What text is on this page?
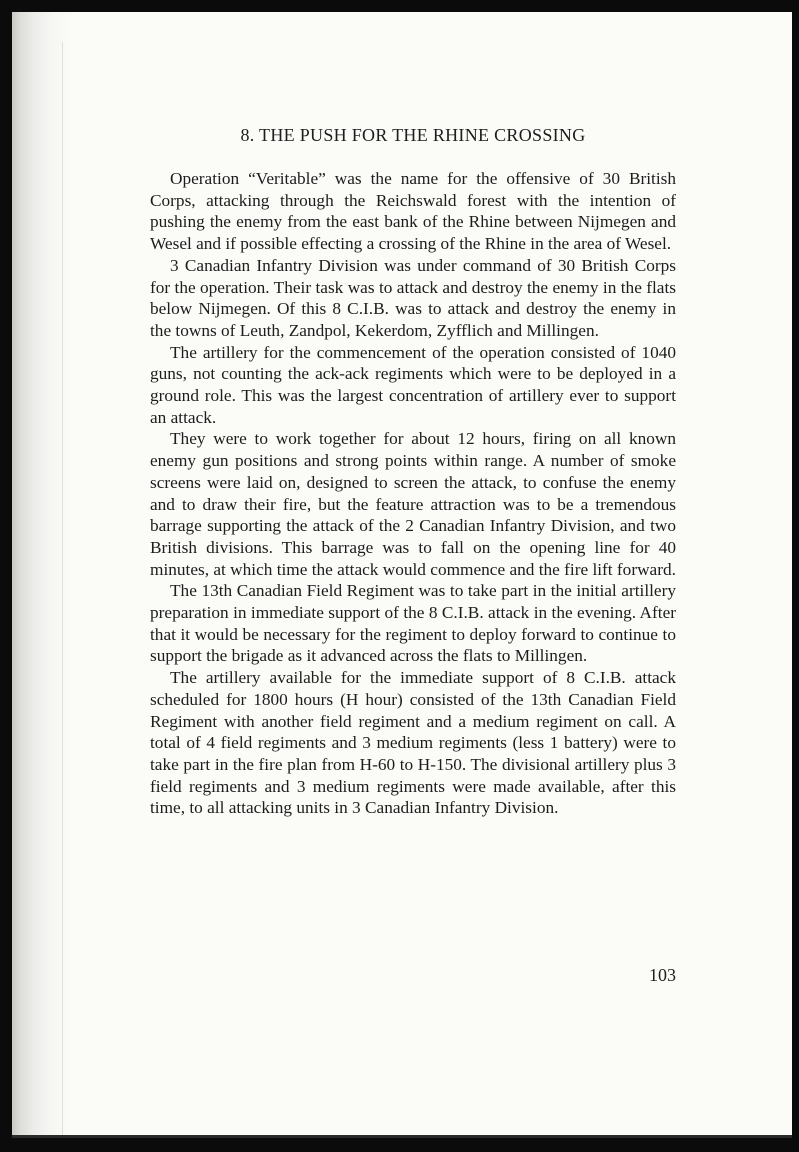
8. THE PUSH FOR THE RHINE CROSSING

Operation “Veritable” was the name for the offensive of 30 British Corps, attacking through the Reichswald forest with the intention of pushing the enemy from the east bank of the Rhine between Nijmegen and Wesel and if possible effecting a crossing of the Rhine in the area of Wesel.

3 Canadian Infantry Division was under command of 30 British Corps for the operation. Their task was to attack and destroy the enemy in the flats below Nijmegen. Of this 8 C.I.B. was to attack and destroy the enemy in the towns of Leuth, Zandpol, Kekerdom, Zyfflich and Millingen.

The artillery for the commencement of the operation consisted of 1040 guns, not counting the ack-ack regiments which were to be deployed in a ground role. This was the largest concentration of artillery ever to support an attack.

They were to work together for about 12 hours, firing on all known enemy gun positions and strong points within range. A number of smoke screens were laid on, designed to screen the attack, to confuse the enemy and to draw their fire, but the feature attraction was to be a tremendous barrage supporting the attack of the 2 Canadian Infantry Division, and two British divisions. This barrage was to fall on the opening line for 40 minutes, at which time the attack would commence and the fire lift forward.

The 13th Canadian Field Regiment was to take part in the initial artillery preparation in immediate support of the 8 C.I.B. attack in the evening. After that it would be necessary for the regiment to deploy forward to continue to support the brigade as it advanced across the flats to Millingen.

The artillery available for the immediate support of 8 C.I.B. attack scheduled for 1800 hours (H hour) consisted of the 13th Canadian Field Regiment with another field regiment and a medium regiment on call. A total of 4 field regiments and 3 medium regiments (less 1 battery) were to take part in the fire plan from H-60 to H-150. The divisional artillery plus 3 field regiments and 3 medium regiments were made available, after this time, to all attacking units in 3 Canadian Infantry Division.

103
